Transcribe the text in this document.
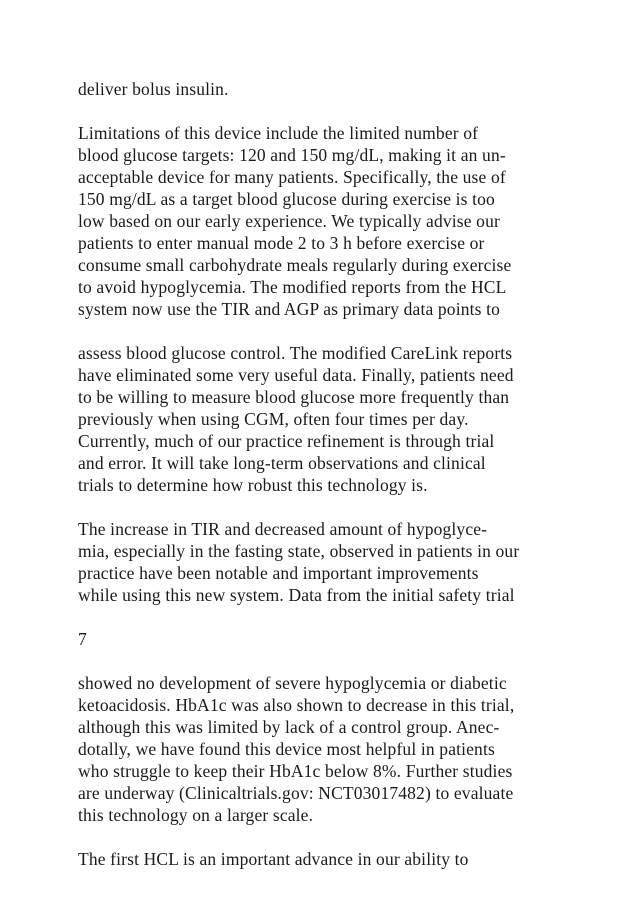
deliver bolus insulin.
Limitations of this device include the limited number of
blood glucose targets: 120 and 150 mg/dL, making it an un-
acceptable device for many patients. Specifically, the use of
150 mg/dL as a target blood glucose during exercise is too
low based on our early experience. We typically advise our
patients to enter manual mode 2 to 3 h before exercise or
consume small carbohydrate meals regularly during exercise
to avoid hypoglycemia. The modified reports from the HCL
system now use the TIR and AGP as primary data points to
assess blood glucose control. The modified CareLink reports
have eliminated some very useful data. Finally, patients need
to be willing to measure blood glucose more frequently than
previously when using CGM, often four times per day.
Currently, much of our practice refinement is through trial
and error. It will take long-term observations and clinical
trials to determine how robust this technology is.
The increase in TIR and decreased amount of hypoglyce-
mia, especially in the fasting state, observed in patients in our
practice have been notable and important improvements
while using this new system. Data from the initial safety trial
7
showed no development of severe hypoglycemia or diabetic
ketoacidosis. HbA1c was also shown to decrease in this trial,
although this was limited by lack of a control group. Anec-
dotally, we have found this device most helpful in patients
who struggle to keep their HbA1c below 8%. Further studies
are underway (Clinicaltrials.gov: NCT03017482) to evaluate
this technology on a larger scale.
The first HCL is an important advance in our ability to
